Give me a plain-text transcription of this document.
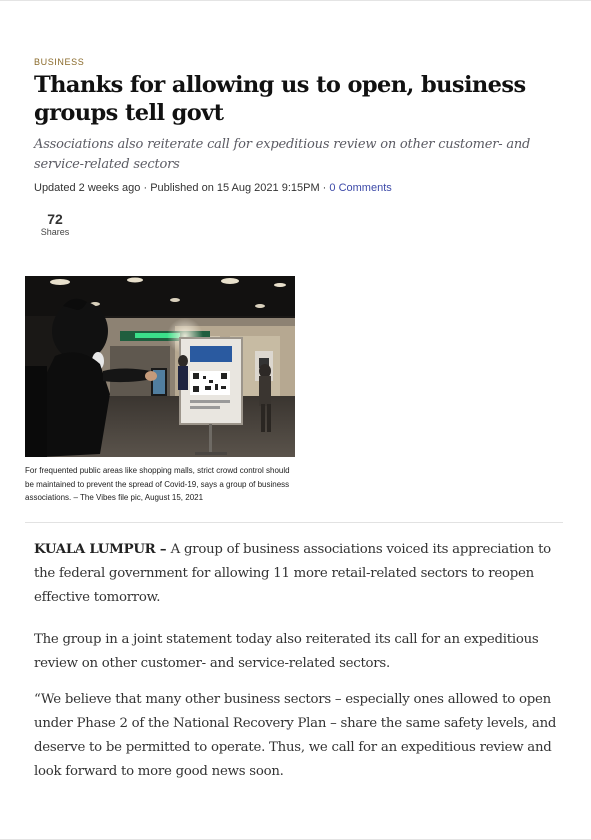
BUSINESS
Thanks for allowing us to open, business groups tell govt
Associations also reiterate call for expeditious review on other customer- and service-related sectors
Updated 2 weeks ago · Published on 15 Aug 2021 9:15PM · 0 Comments
72
Shares
For frequented public areas like shopping malls, strict crowd control should be maintained to prevent the spread of Covid-19, says a group of business associations. – The Vibes file pic, August 15, 2021

KUALA LUMPUR – A group of business associations voiced its appreciation to the federal government for allowing 11 more retail-related sectors to reopen effective tomorrow.

The group in a joint statement today also reiterated its call for an expeditious review on other customer- and service-related sectors.

“We believe that many other business sectors – especially ones allowed to open under Phase 2 of the National Recovery Plan – share the same safety levels, and deserve to be permitted to operate. Thus, we call for an expeditious review and look forward to more good news soon.
